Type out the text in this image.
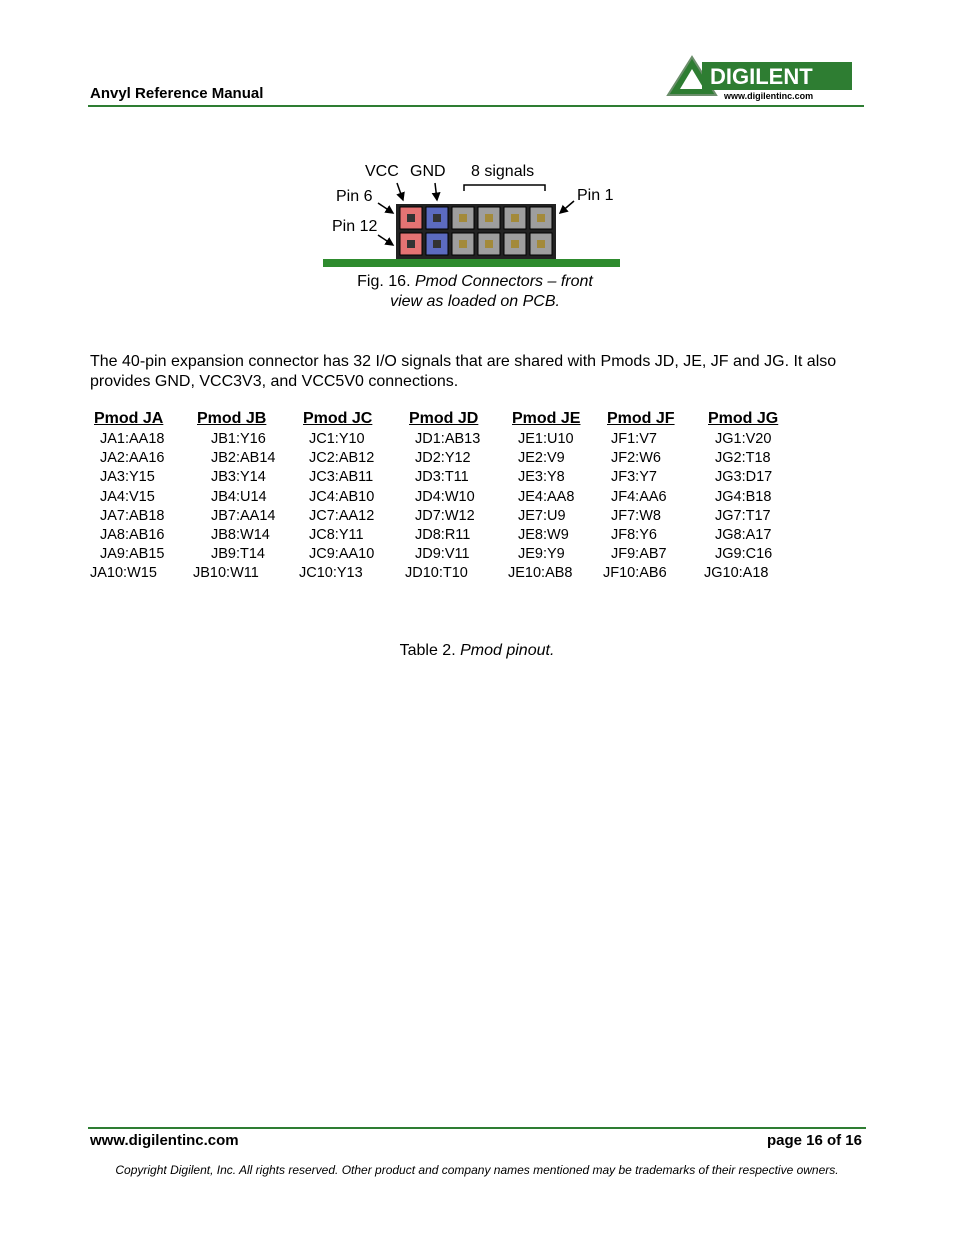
Anvyl Reference Manual
DIGILENT
www.digilentinc.com
VCC GND 8 signals
Pin 6
Pin 12
Pin 1
Fig. 16. Pmod Connectors – front view as loaded on PCB.
The 40-pin expansion connector has 32 I/O signals that are shared with Pmods JD, JE, JF and JG. It also provides GND, VCC3V3, and VCC5V0 connections.
Pmod JA
JA1:AA18
JA2:AA16
JA3:Y15
JA4:V15
JA7:AB18
JA8:AB16
JA9:AB15
JA10:W15
Pmod JB
JB1:Y16
JB2:AB14
JB3:Y14
JB4:U14
JB7:AA14
JB8:W14
JB9:T14
JB10:W11
Pmod JC
JC1:Y10
JC2:AB12
JC3:AB11
JC4:AB10
JC7:AA12
JC8:Y11
JC9:AA10
JC10:Y13
Pmod JD
JD1:AB13
JD2:Y12
JD3:T11
JD4:W10
JD7:W12
JD8:R11
JD9:V11
JD10:T10
Pmod JE
JE1:U10
JE2:V9
JE3:Y8
JE4:AA8
JE7:U9
JE8:W9
JE9:Y9
JE10:AB8
Pmod JF
JF1:V7
JF2:W6
JF3:Y7
JF4:AA6
JF7:W8
JF8:Y6
JF9:AB7
JF10:AB6
Pmod JG
JG1:V20
JG2:T18
JG3:D17
JG4:B18
JG7:T17
JG8:A17
JG9:C16
JG10:A18
Table 2. Pmod pinout.
www.digilentinc.com	page 16 of 16
Copyright Digilent, Inc. All rights reserved. Other product and company names mentioned may be trademarks of their respective owners.
